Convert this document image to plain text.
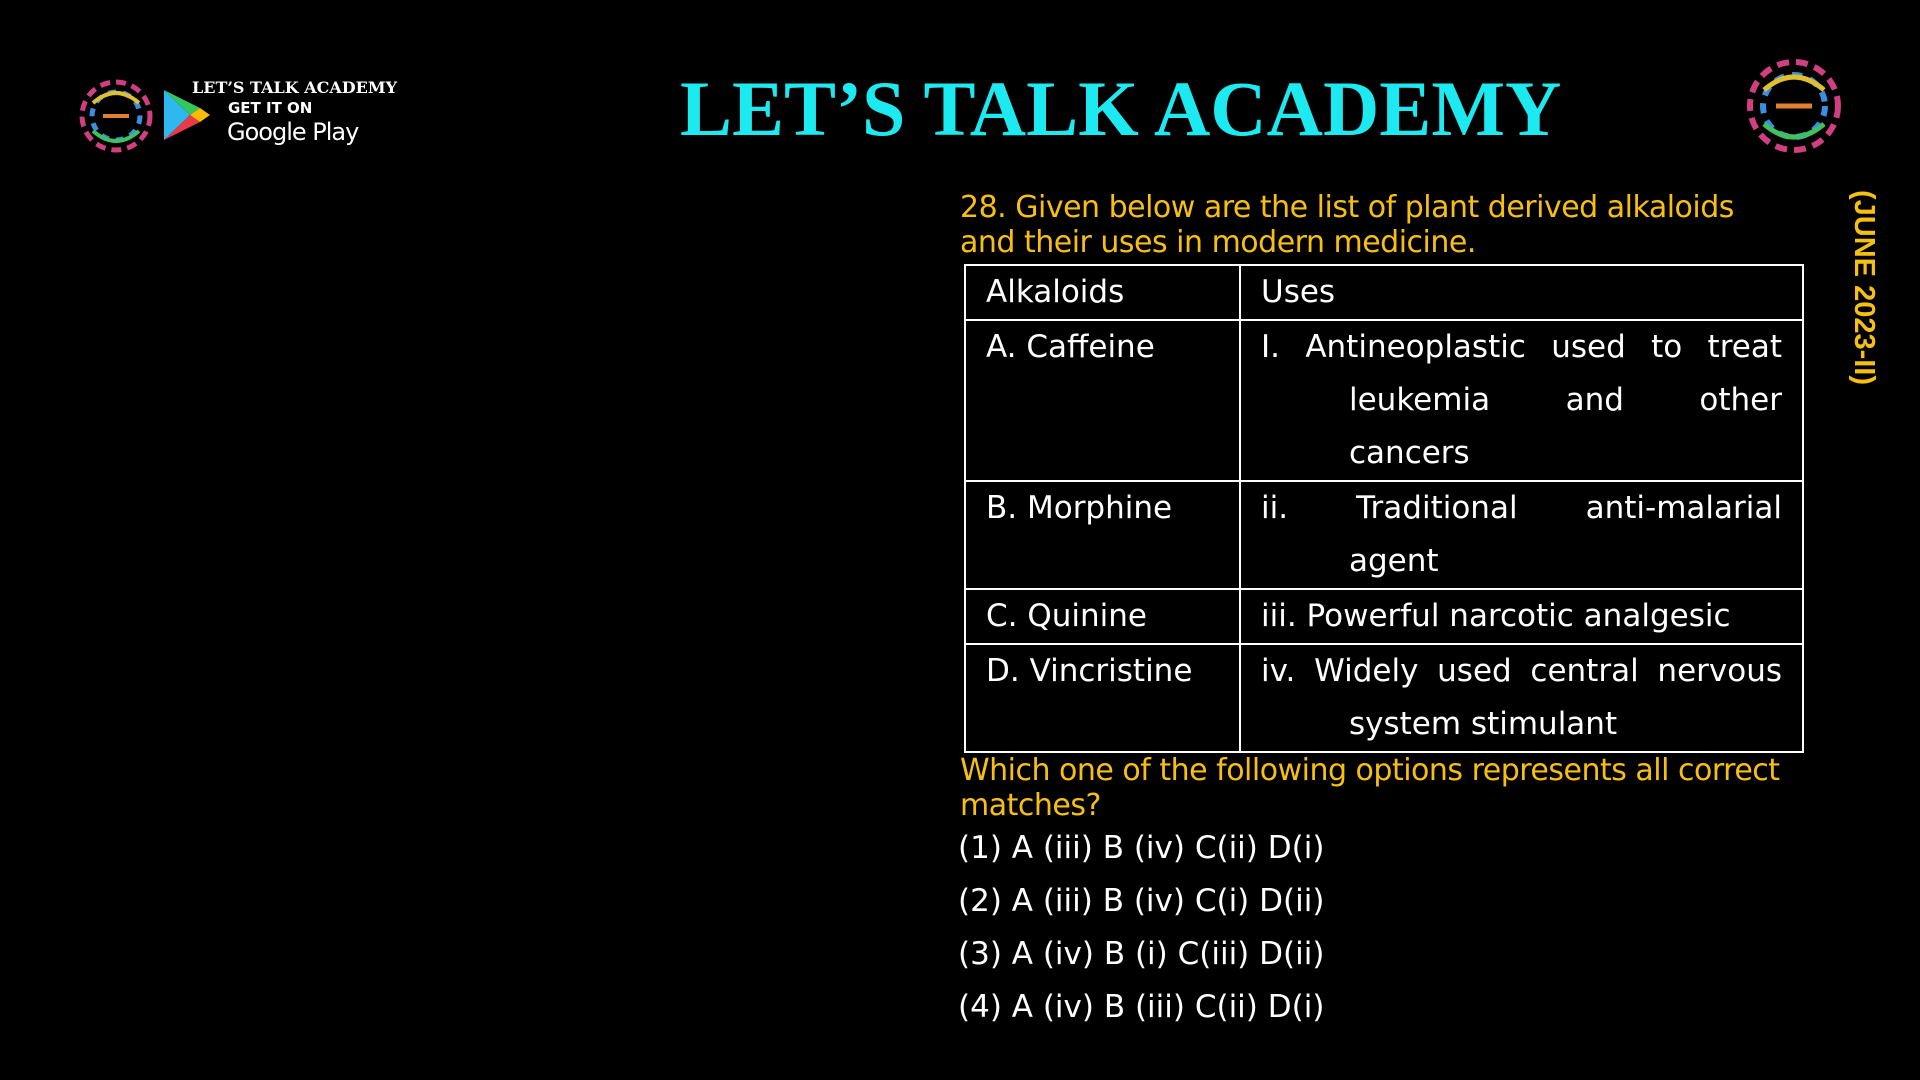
LET’S TALK ACADEMY
GET IT ON
Google Play	LET’S TALK ACADEMY
(JUNE 2023-II)
28. Given below are the list of plant derived alkaloids and their uses in modern medicine.
Alkaloids	Uses
A. Caffeine	I. Antineoplastic used to treat
leukemia and other
cancers

B. Morphine	ii. Traditional anti-malarial
agent

C. Quinine	iii. Powerful narcotic analgesic
D. Vincristine	iv. Widely used central nervous
system stimulant
Which one of the following options represents all correct matches?
(1) A (iii) B (iv) C(ii) D(i)
(2) A (iii) B (iv) C(i) D(ii)
(3) A (iv) B (i) C(iii) D(ii)
(4) A (iv) B (iii) C(ii) D(i)
